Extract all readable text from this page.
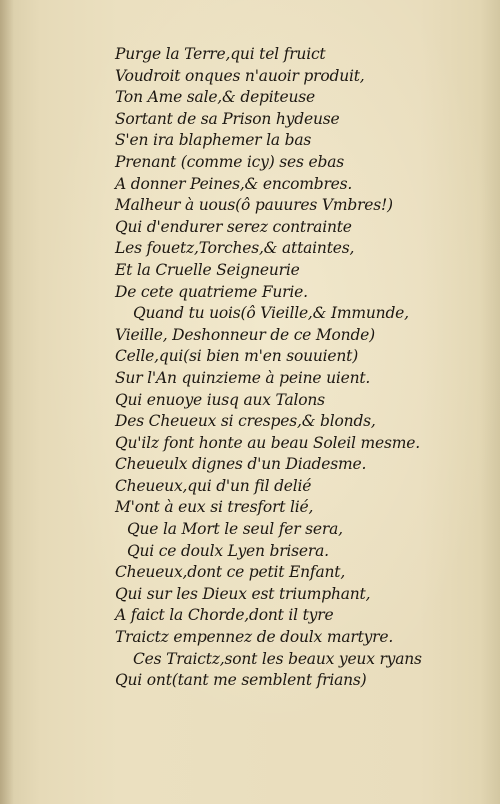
Purge la Terre,qui tel fruict
Voudroit onques n'auoir produit,
Ton Ame sale,& depiteuse
Sortant de sa Prison hydeuse
S'en ira blaphemer la bas
Prenant (comme icy) ses ebas
A donner Peines,& encombres.
Malheur à uous(ô pauures Vmbres!)
Qui d'endurer serez contrainte
Les fouetz,Torches,& attaintes,
Et la Cruelle Seigneurie
De cete quatrieme Furie.
Quand tu uois(ô Vieille,& Immunde,
Vieille, Deshonneur de ce Monde)
Celle,qui(si bien m'en souuient)
Sur l'An quinzieme à peine uient.
Qui enuoye iusq aux Talons
Des Cheueux si crespes,& blonds,
Qu'ilz font honte au beau Soleil mesme.
Cheueulx dignes d'un Diadesme.
Cheueux,qui d'un fil delié
M'ont à eux si tresfort lié,
Que la Mort le seul fer sera,
Qui ce doulx Lyen brisera.
Cheueux,dont ce petit Enfant,
Qui sur les Dieux est triumphant,
A faict la Chorde,dont il tyre
Traictz empennez de doulx martyre.
Ces Traictz,sont les beaux yeux ryans
Qui ont(tant me semblent frians)
